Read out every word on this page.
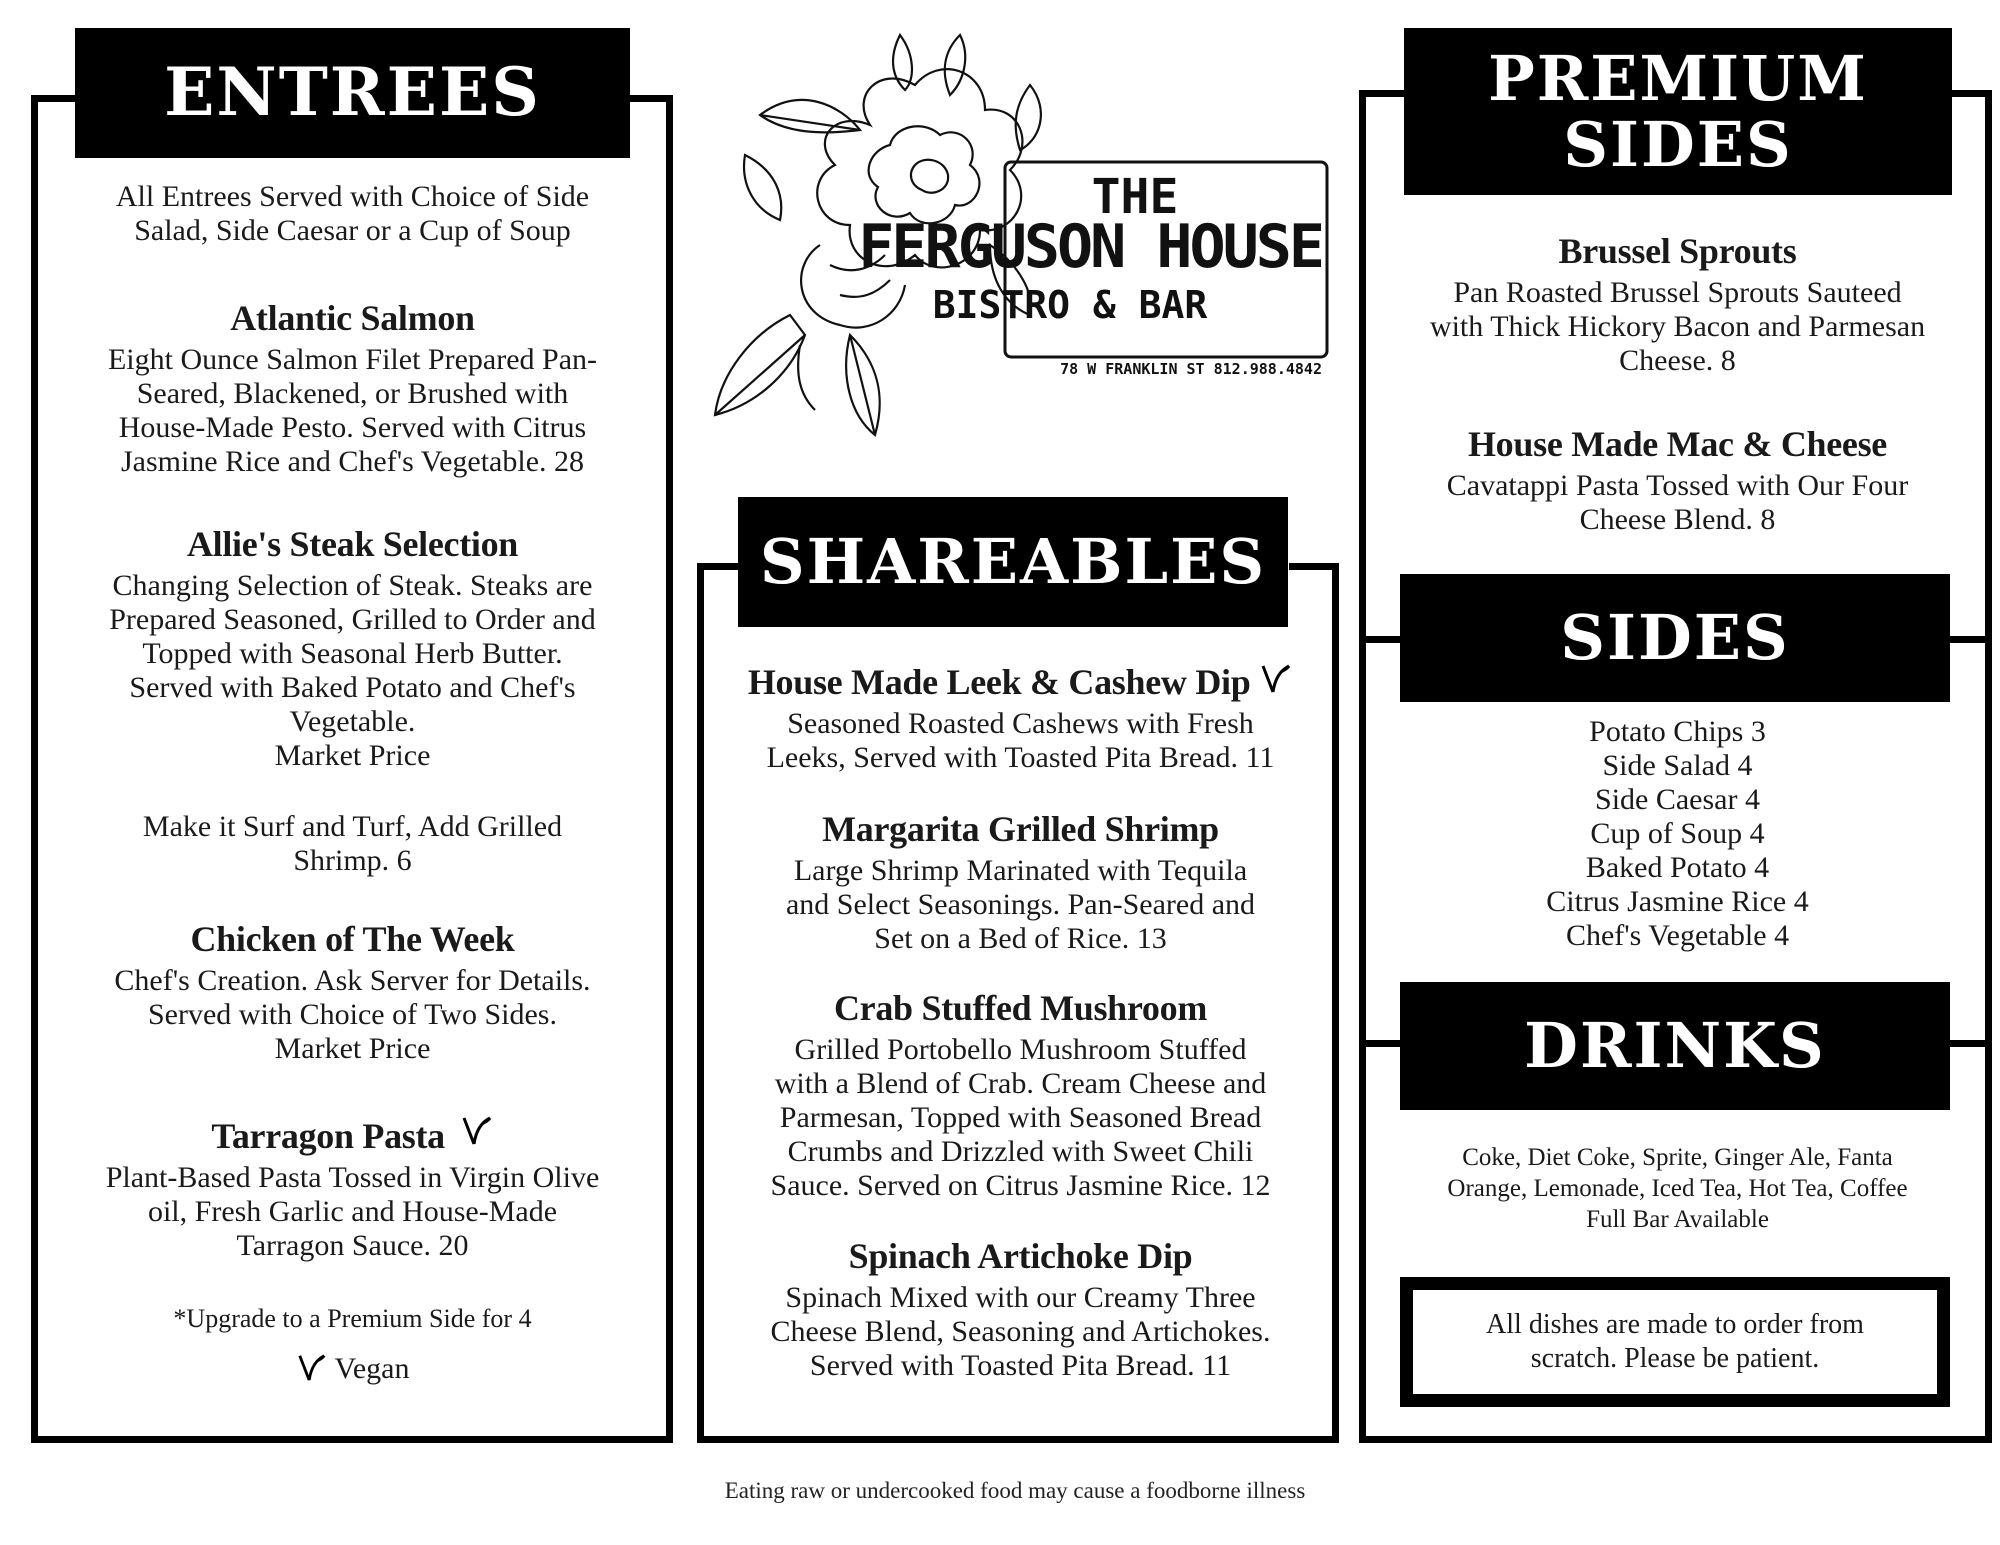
ENTREES

All Entrees Served with Choice of Side

Salad, Side Caesar or a Cup of Soup

Atlantic Salmon

Eight Ounce Salmon Filet Prepared Pan-

Seared, Blackened, or Brushed with

House-Made Pesto. Served with Citrus

Jasmine Rice and Chef's Vegetable. 28

Allie's Steak Selection

Changing Selection of Steak. Steaks are

Prepared Seasoned, Grilled to Order and

Topped with Seasonal Herb Butter.

Served with Baked Potato and Chef's

Vegetable.

Market Price

Make it Surf and Turf, Add Grilled

Shrimp. 6

Chicken of The Week

Chef's Creation. Ask Server for Details.

Served with Choice of Two Sides.

Market Price

Tarragon Pasta

Plant-Based Pasta Tossed in Virgin Olive

oil, Fresh Garlic and House-Made

Tarragon Sauce. 20

*Upgrade to a Premium Side for 4

Vegan

THE
FERGUSON HOUSE
BISTRO & BAR
78 W FRANKLIN ST 812.988.4842
SHAREABLES

House Made Leek & Cashew Dip

Seasoned Roasted Cashews with Fresh

Leeks, Served with Toasted Pita Bread. 11

Margarita Grilled Shrimp

Large Shrimp Marinated with Tequila

and Select Seasonings. Pan-Seared and

Set on a Bed of Rice. 13

Crab Stuffed Mushroom

Grilled Portobello Mushroom Stuffed

with a Blend of Crab. Cream Cheese and

Parmesan, Topped with Seasoned Bread

Crumbs and Drizzled with Sweet Chili

Sauce. Served on Citrus Jasmine Rice. 12

Spinach Artichoke Dip

Spinach Mixed with our Creamy Three

Cheese Blend, Seasoning and Artichokes.

Served with Toasted Pita Bread. 11

PREMIUM
SIDES

Brussel Sprouts

Pan Roasted Brussel Sprouts Sauteed

with Thick Hickory Bacon and Parmesan

Cheese. 8

House Made Mac & Cheese

Cavatappi Pasta Tossed with Our Four

Cheese Blend. 8

SIDES

Potato Chips 3

Side Salad 4

Side Caesar 4

Cup of Soup 4

Baked Potato 4

Citrus Jasmine Rice 4

Chef's Vegetable 4

DRINKS

Coke, Diet Coke, Sprite, Ginger Ale, Fanta

Orange, Lemonade, Iced Tea, Hot Tea, Coffee

Full Bar Available

All dishes are made to order from

scratch. Please be patient.

Eating raw or undercooked food may cause a foodborne illness
